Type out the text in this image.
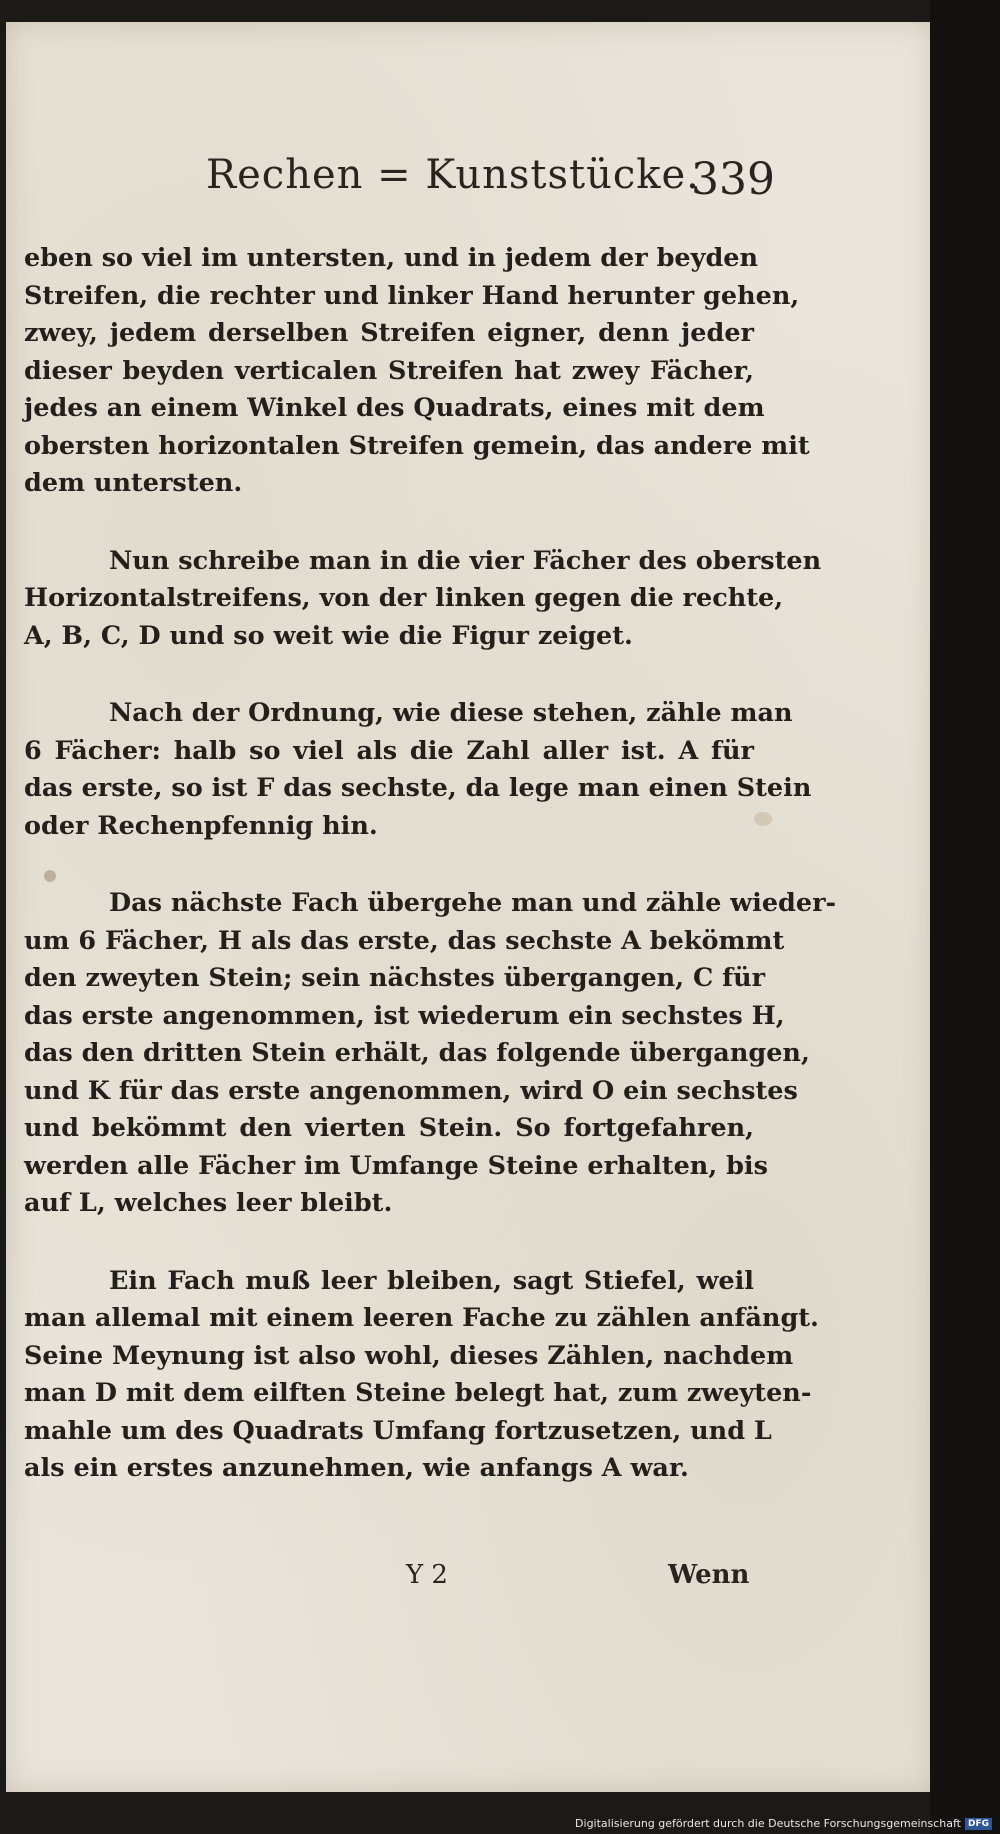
Rechen = Kunststücke.
339
eben so viel im untersten, und in jedem der beyden
Streifen, die rechter und linker Hand herunter gehen,
zwey, jedem derselben Streifen eigner, denn jeder
dieser beyden verticalen Streifen hat zwey Fächer,
jedes an einem Winkel des Quadrats, eines mit dem
obersten horizontalen Streifen gemein, das andere mit
dem untersten.
Nun schreibe man in die vier Fächer des obersten
Horizontalstreifens, von der linken gegen die rechte,
A, B, C, D und so weit wie die Figur zeiget.
Nach der Ordnung, wie diese stehen, zähle man
6 Fächer: halb so viel als die Zahl aller ist. A für
das erste, so ist F das sechste, da lege man einen Stein
oder Rechenpfennig hin.
Das nächste Fach übergehe man und zähle wieder-
um 6 Fächer, H als das erste, das sechste A bekömmt
den zweyten Stein; sein nächstes übergangen, C für
das erste angenommen, ist wiederum ein sechstes H,
das den dritten Stein erhält, das folgende übergangen,
und K für das erste angenommen, wird O ein sechstes
und bekömmt den vierten Stein. So fortgefahren,
werden alle Fächer im Umfange Steine erhalten, bis
auf L, welches leer bleibt.
Ein Fach muß leer bleiben, sagt Stiefel, weil
man allemal mit einem leeren Fache zu zählen anfängt.
Seine Meynung ist also wohl, dieses Zählen, nachdem
man D mit dem eilften Steine belegt hat, zum zweyten-
mahle um des Quadrats Umfang fortzusetzen, und L
als ein erstes anzunehmen, wie anfangs A war.
Y 2	Wenn
Digitalisierung gefördert durch die Deutsche Forschungsgemeinschaft DFG
